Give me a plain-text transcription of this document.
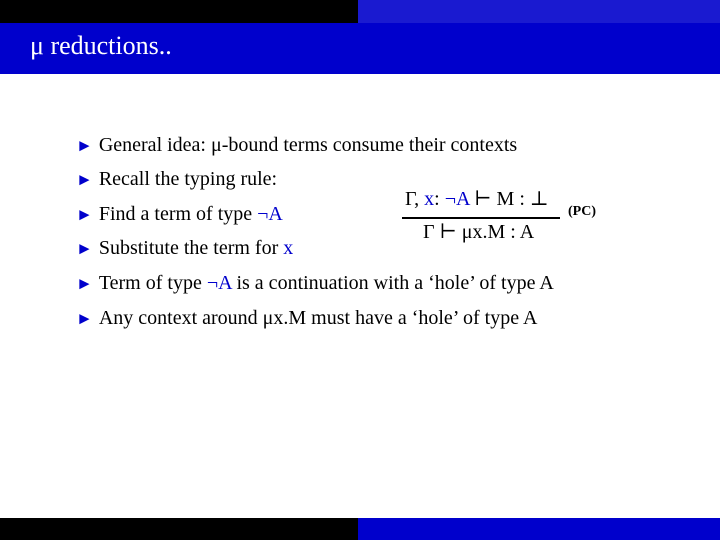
μ reductions..
► General idea: μ-bound terms consume their contexts
► Recall the typing rule:
► Find a term of type ¬A
► Substitute the term for x
► Term of type ¬A is a continuation with a ‘hole’ of type A
► Any context around μx.M must have a ‘hole’ of type A
Γ, x: ¬A ⊢ M : ⊥
(PC)
Γ ⊢ μx.M : A
